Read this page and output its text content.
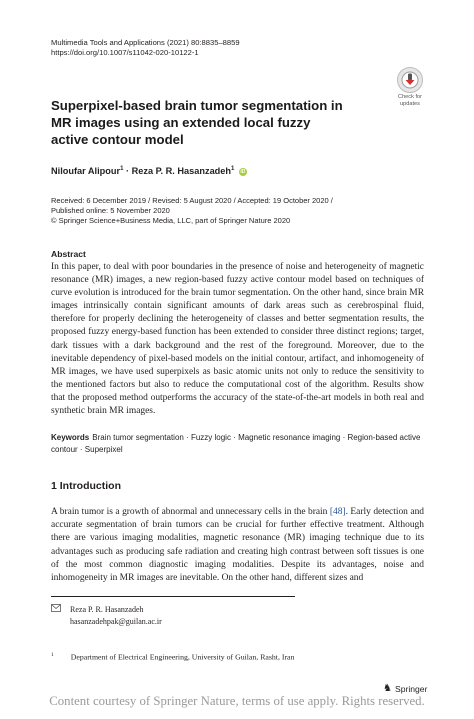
Multimedia Tools and Applications (2021) 80:8835–8859
https://doi.org/10.1007/s11042-020-10122-1
Check for
updates
Superpixel-based brain tumor segmentation in MR images using an extended local fuzzy active contour model
Niloufar Alipour$^1$ · Reza P. R. Hasanzadeh$^1$ iD
Received: 6 December 2019 / Revised: 5 August 2020 / Accepted: 19 October 2020 /
Published online: 5 November 2020
© Springer Science+Business Media, LLC, part of Springer Nature 2020
Abstract

In this paper, to deal with poor boundaries in the presence of noise and heterogeneity of magnetic resonance (MR) images, a new region-based fuzzy active contour model based on techniques of curve evolution is introduced for the brain tumor segmentation. On the other hand, since brain MR images intrinsically contain significant amounts of dark areas such as cerebrospinal fluid, therefore for properly declining the heterogeneity of classes and better segmentation results, the proposed fuzzy energy-based function has been extended to consider three distinct regions; target, dark tissues with a dark background and the rest of the foreground. Moreover, due to the inevitable dependency of pixel-based models on the initial contour, artifact, and inhomogeneity of MR images, we have used superpixels as basic atomic units not only to reduce the sensitivity to the mentioned factors but also to reduce the computational cost of the algorithm. Results show that the proposed method outperforms the accuracy of the state-of-the-art models in both real and synthetic brain MR images.

Keywords Brain tumor segmentation · Fuzzy logic · Magnetic resonance imaging · Region-based active contour · Superpixel

1 Introduction

A brain tumor is a growth of abnormal and unnecessary cells in the brain [48]. Early detection and accurate segmentation of brain tumors can be crucial for further effective treatment. Although there are various imaging modalities, magnetic resonance (MR) imaging technique due to its advantages such as producing safe radiation and creating high contrast between soft tissues is one of the most common diagnostic imaging modalities. Despite its advantages, noise and inhomogeneity in MR images are inevitable. On the other hand, different sizes and

Reza P. R. Hasanzadeh
hasanzadehpak@guilan.ac.ir
$^1$ Department of Electrical Engineering, University of Guilan, Rasht, Iran
♞ Springer
Content courtesy of Springer Nature, terms of use apply. Rights reserved.
